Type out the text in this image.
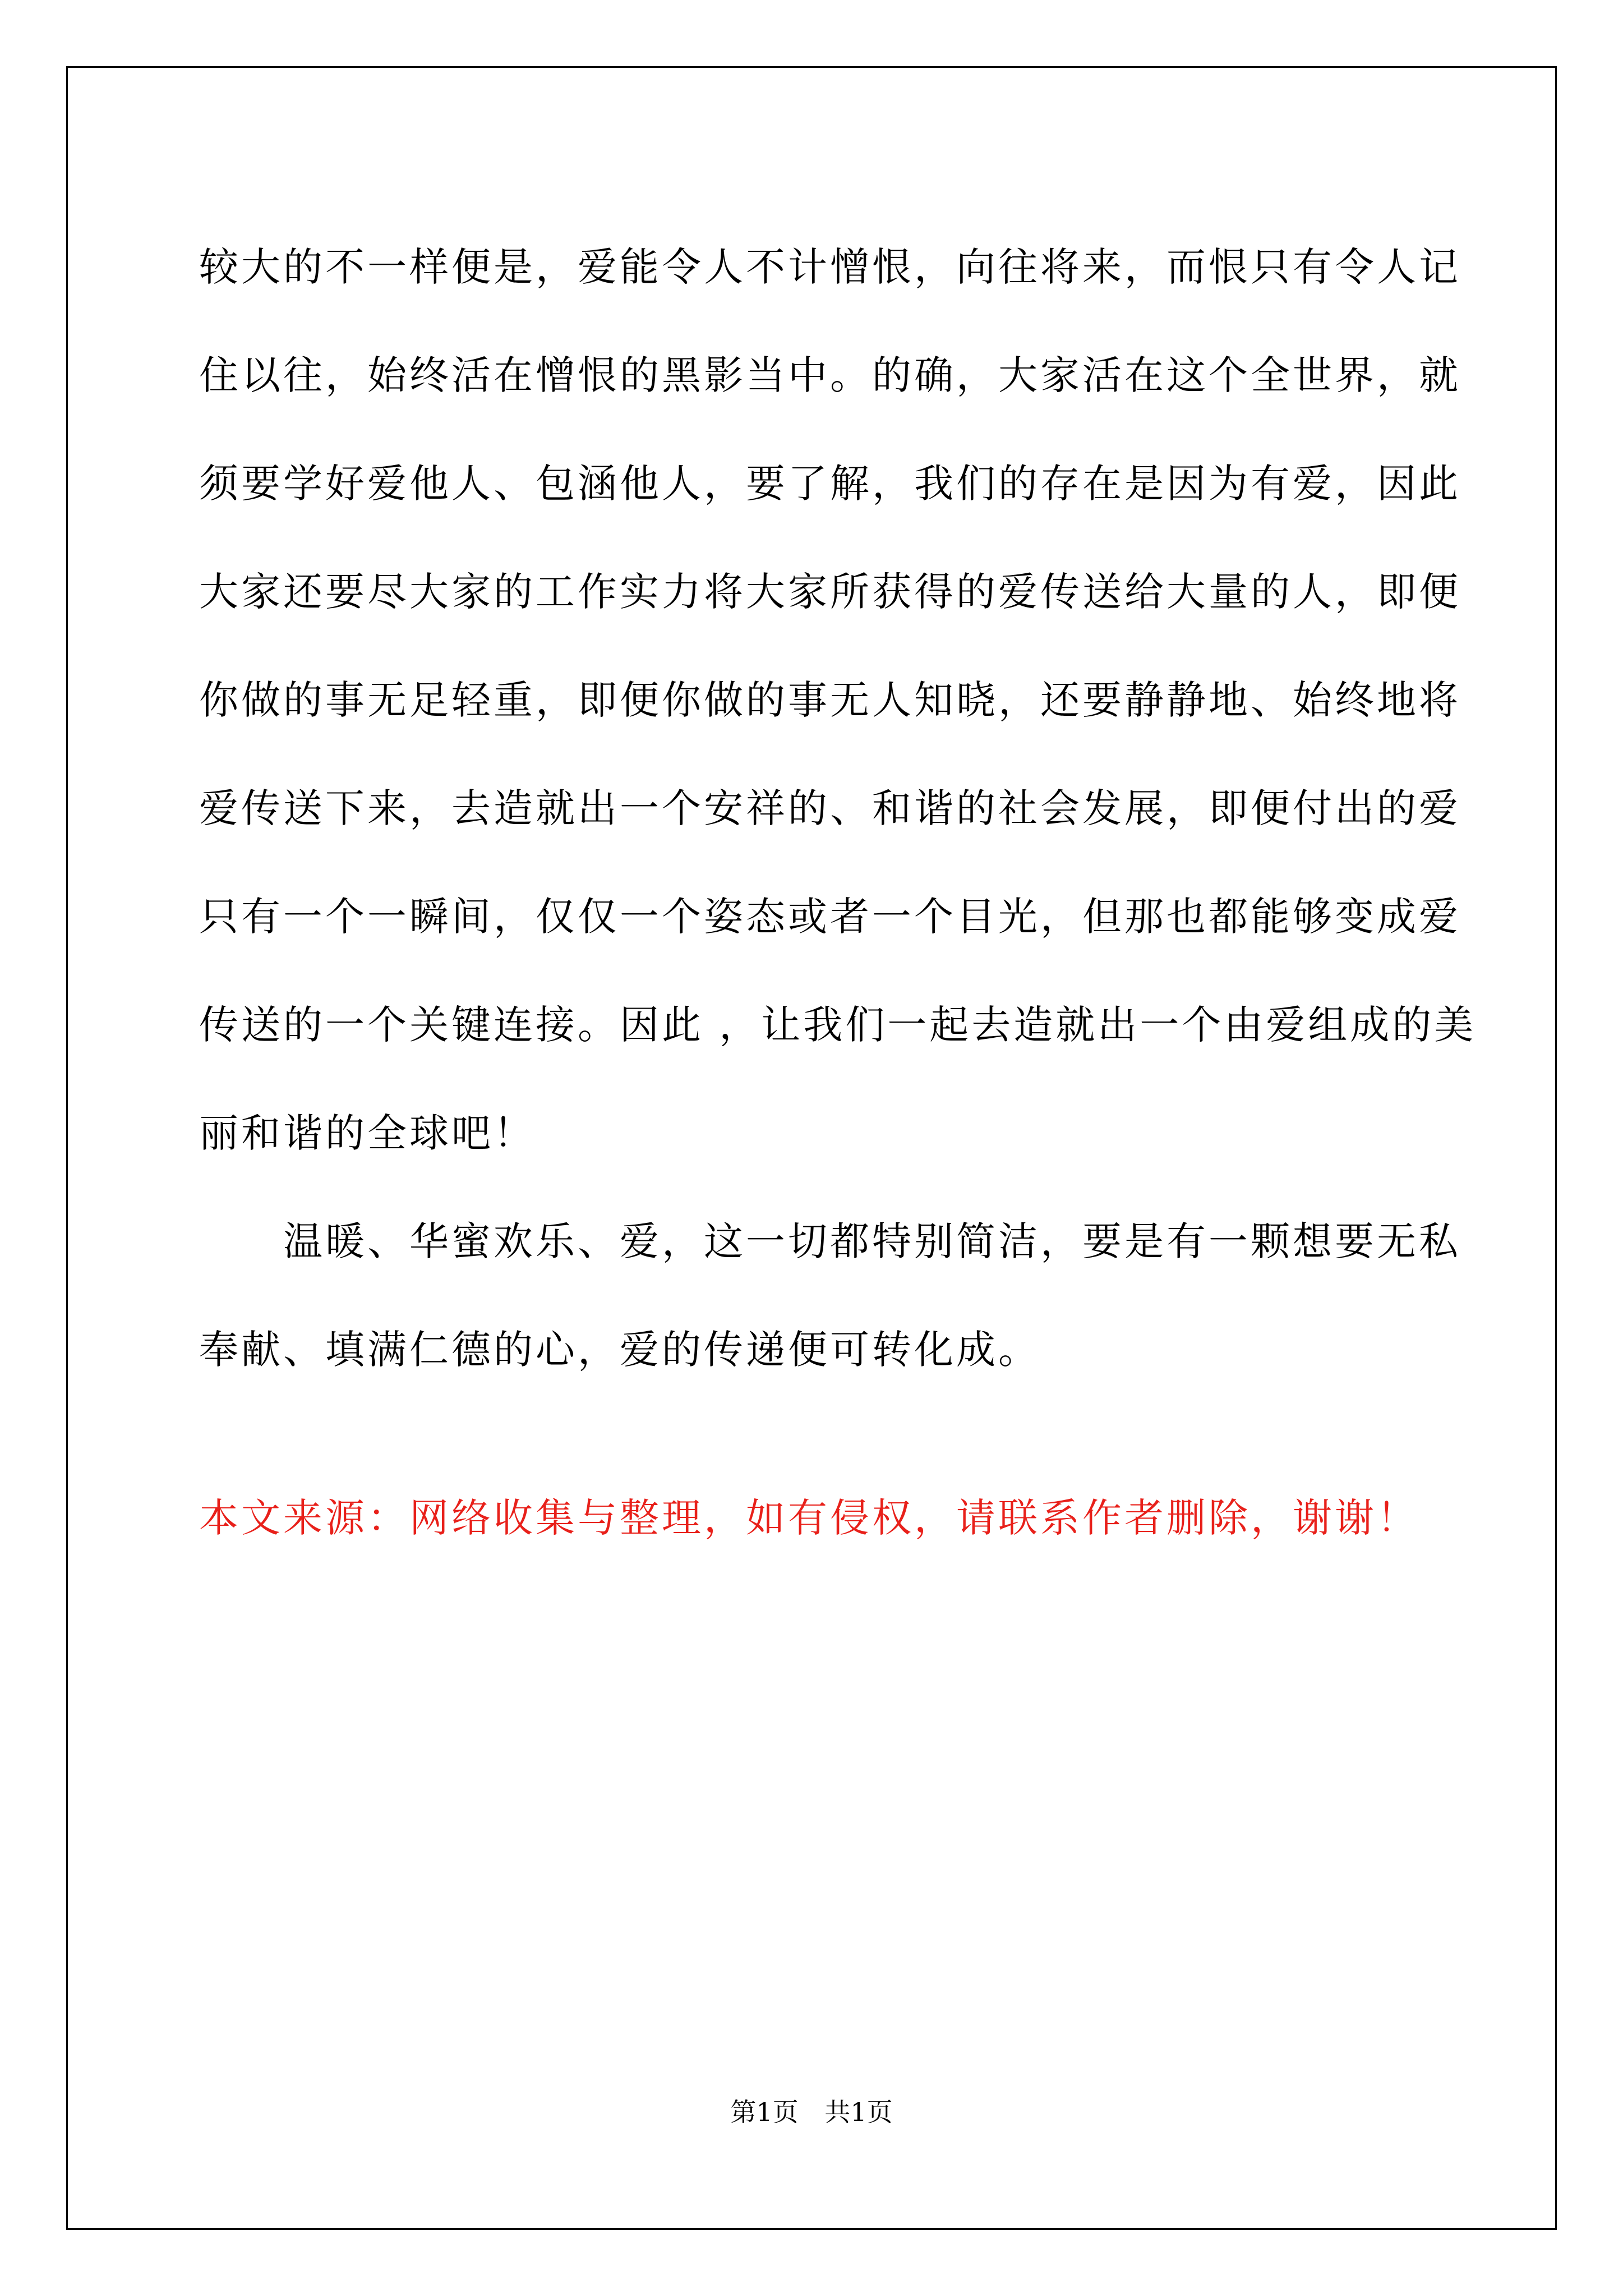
较大的不一样便是，爱能令人不计憎恨，向往将来，而恨只有令人记

住以往，始终活在憎恨的黑影当中。的确，大家活在这个全世界，就

须要学好爱他人、包涵他人，要了解，我们的存在是因为有爱，因此

大家还要尽大家的工作实力将大家所获得的爱传送给大量的人，即便

你做的事无足轻重，即便你做的事无人知晓，还要静静地、始终地将

爱传送下来，去造就出一个安祥的、和谐的社会发展，即便付出的爱

只有一个一瞬间，仅仅一个姿态或者一个目光，但那也都能够变成爱

传送的一个关键连接。因此 ，让我们一起去造就出一个由爱组成的美

丽和谐的全球吧！

温暖、华蜜欢乐、爱，这一切都特别简洁，要是有一颗想要无私

奉献、填满仁德的心，爱的传递便可转化成。

本文来源：网络收集与整理，如有侵权，请联系作者删除，谢谢！

第1页 共1页
